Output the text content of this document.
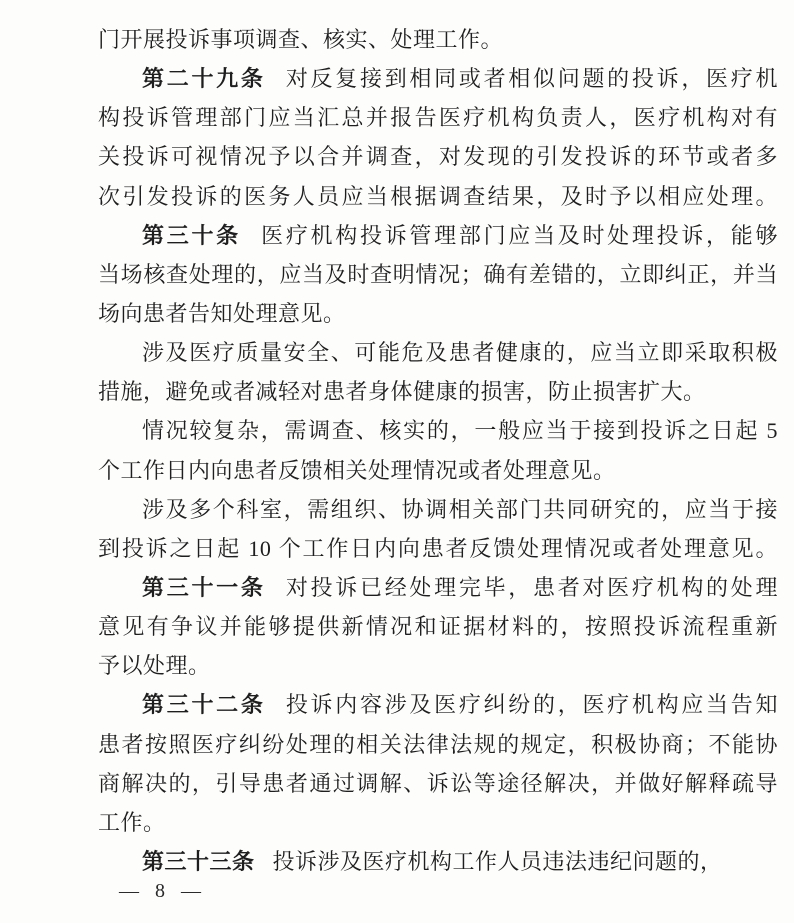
门开展投诉事项调查、核实、处理工作。
第二十九条 对反复接到相同或者相似问题的投诉，医疗机
构投诉管理部门应当汇总并报告医疗机构负责人，医疗机构对有
关投诉可视情况予以合并调查，对发现的引发投诉的环节或者多
次引发投诉的医务人员应当根据调查结果，及时予以相应处理。
第三十条 医疗机构投诉管理部门应当及时处理投诉，能够
当场核查处理的，应当及时查明情况；确有差错的，立即纠正，并当
场向患者告知处理意见。
涉及医疗质量安全、可能危及患者健康的，应当立即采取积极
措施，避免或者减轻对患者身体健康的损害，防止损害扩大。
情况较复杂，需调查、核实的，一般应当于接到投诉之日起 5
个工作日内向患者反馈相关处理情况或者处理意见。
涉及多个科室，需组织、协调相关部门共同研究的，应当于接
到投诉之日起 10 个工作日内向患者反馈处理情况或者处理意见。
第三十一条 对投诉已经处理完毕，患者对医疗机构的处理
意见有争议并能够提供新情况和证据材料的，按照投诉流程重新
予以处理。
第三十二条 投诉内容涉及医疗纠纷的，医疗机构应当告知
患者按照医疗纠纷处理的相关法律法规的规定，积极协商；不能协
商解决的，引导患者通过调解、诉讼等途径解决，并做好解释疏导
工作。
第三十三条 投诉涉及医疗机构工作人员违法违纪问题的，
— 8 —
